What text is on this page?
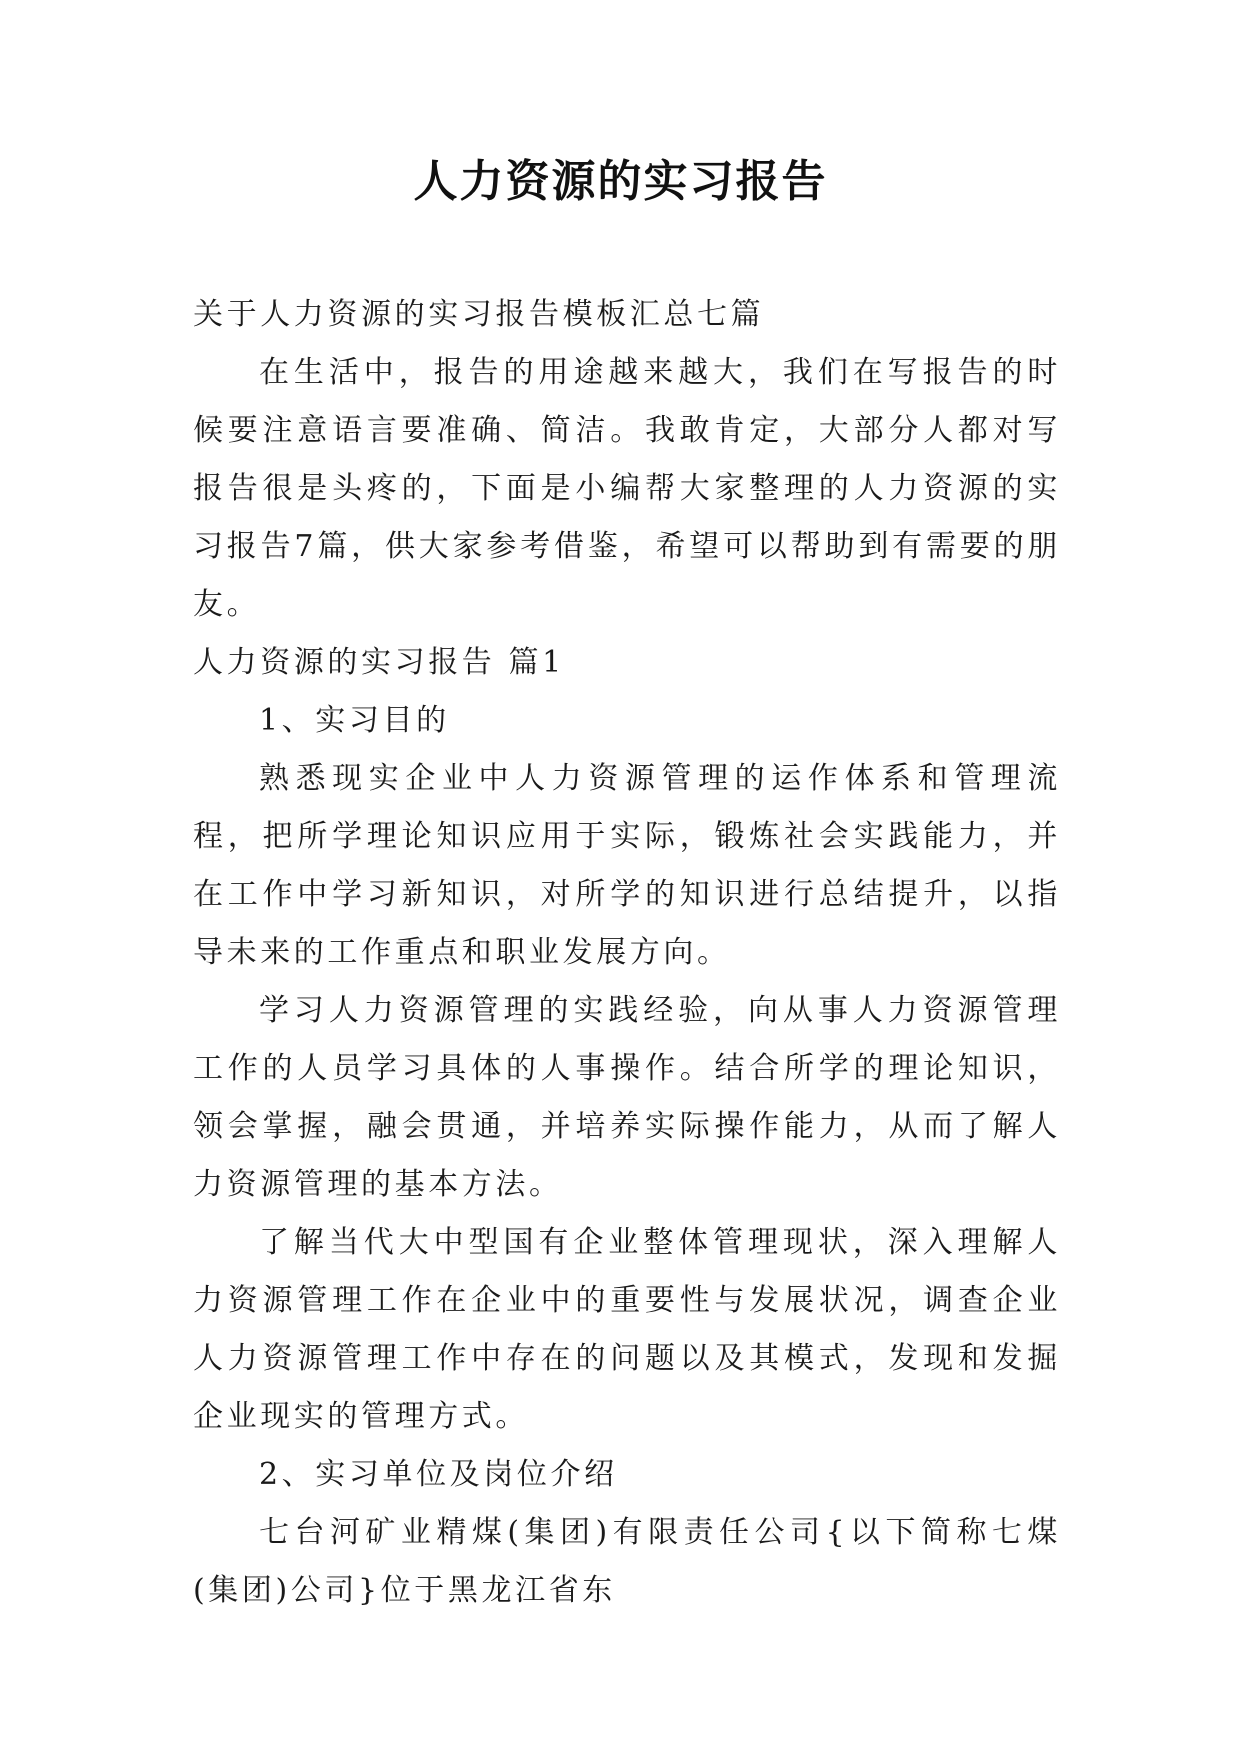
人力资源的实习报告

关于人力资源的实习报告模板汇总七篇

在生活中，报告的用途越来越大，我们在写报告的时候要注意语言要准确、简洁。我敢肯定，大部分人都对写报告很是头疼的，下面是小编帮大家整理的人力资源的实习报告7篇，供大家参考借鉴，希望可以帮助到有需要的朋友。

人力资源的实习报告 篇1

1、实习目的

熟悉现实企业中人力资源管理的运作体系和管理流程，把所学理论知识应用于实际，锻炼社会实践能力，并在工作中学习新知识，对所学的知识进行总结提升，以指导未来的工作重点和职业发展方向。

学习人力资源管理的实践经验，向从事人力资源管理工作的人员学习具体的人事操作。结合所学的理论知识，领会掌握，融会贯通，并培养实际操作能力，从而了解人力资源管理的基本方法。

了解当代大中型国有企业整体管理现状，深入理解人力资源管理工作在企业中的重要性与发展状况，调查企业人力资源管理工作中存在的问题以及其模式，发现和发掘企业现实的管理方式。

2、实习单位及岗位介绍

七台河矿业精煤(集团)有限责任公司{以下简称七煤(集团)公司}位于黑龙江省东
